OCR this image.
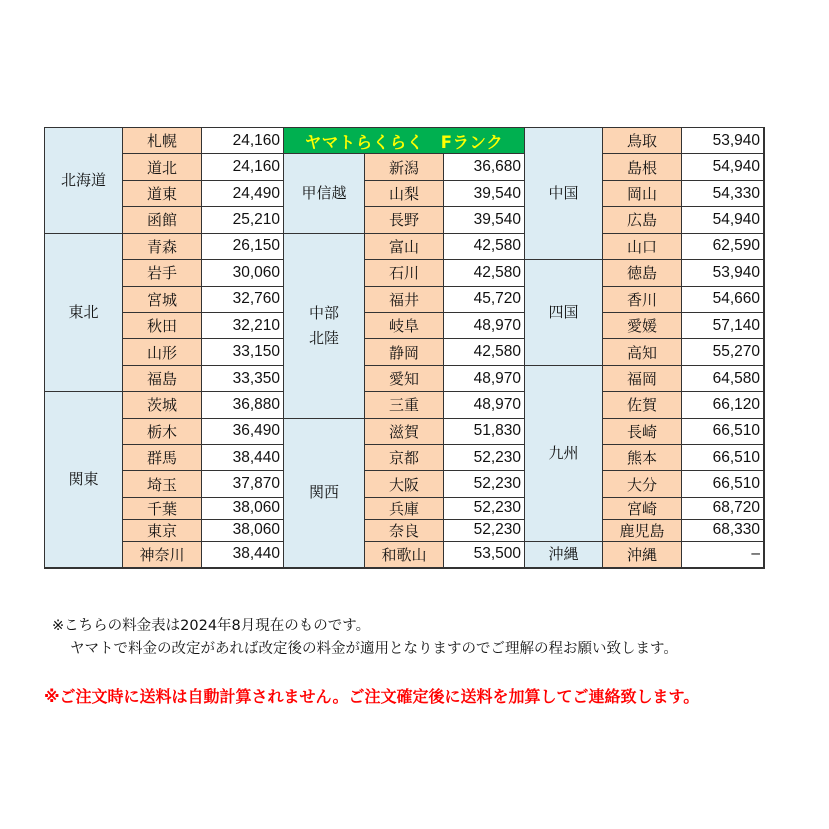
北海道
札幌	24,160
道北	24,160
道東	24,490
函館	25,210
東北
青森	26,150
岩手	30,060
宮城	32,760
秋田	32,210
山形	33,150
福島	33,350
関東
茨城	36,880
栃木	36,490
群馬	38,440
埼玉	37,870
千葉	38,060
東京	38,060
神奈川	38,440
ヤマトらくらく　Fランク
甲信越
新潟	36,680
山梨	39,540
長野	39,540
中部
北陸
富山	42,580
石川	42,580
福井	45,720
岐阜	48,970
静岡	42,580
愛知	48,970
三重	48,970
関西
滋賀	51,830
京都	52,230
大阪	52,230
兵庫	52,230
奈良	52,230
和歌山	53,500
中国
鳥取	53,940
島根	54,940
岡山	54,330
広島	54,940
山口	62,590
四国
徳島	53,940
香川	54,660
愛媛	57,140
高知	55,270
九州
福岡	64,580
佐賀	66,120
長崎	66,510
熊本	66,510
大分	66,510
宮崎	68,720
鹿児島	68,330
沖縄	沖縄	–
※こちらの料金表は2024年8月現在のものです。
ヤマトで料金の改定があれば改定後の料金が適用となりますのでご理解の程お願い致します。
※ご注文時に送料は自動計算されません。ご注文確定後に送料を加算してご連絡致します。
